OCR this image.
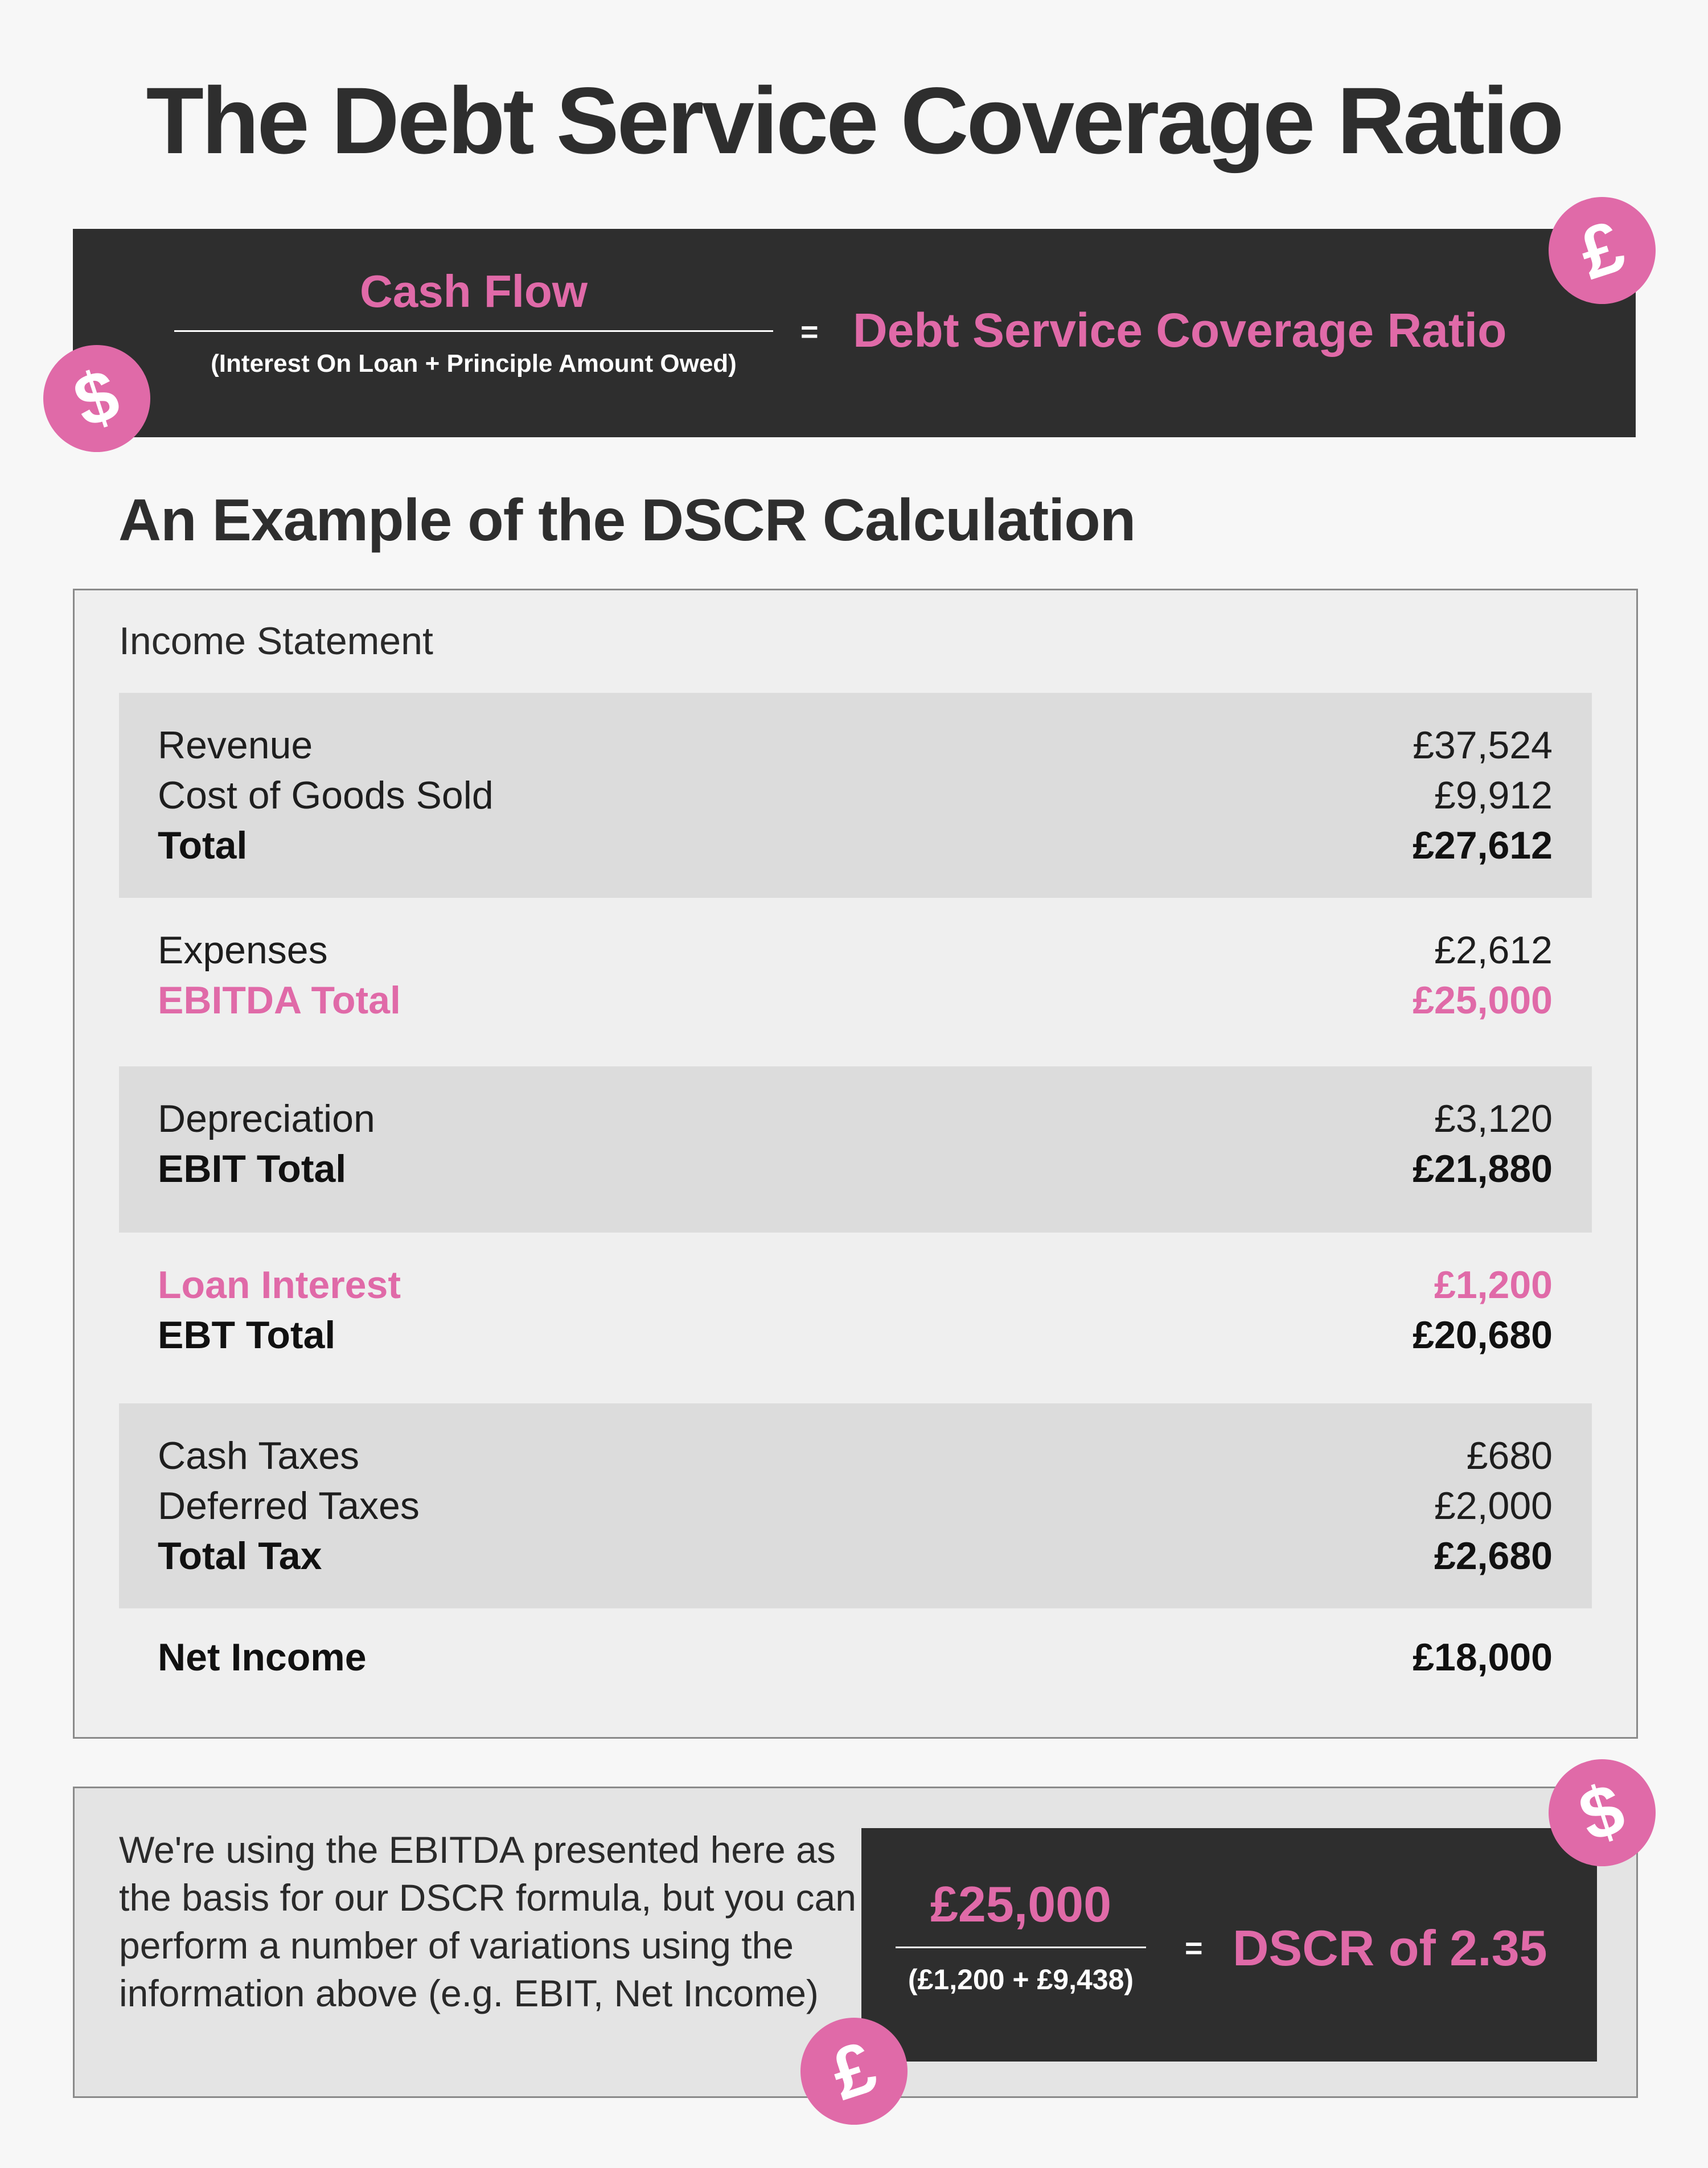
The Debt Service Coverage Ratio
Cash Flow
(Interest On Loan + Principle Amount Owed)
= Debt Service Coverage Ratio
£
$
An Example of the DSCR Calculation
Income Statement
Revenue	£37,524
Cost of Goods Sold	£9,912
Total	£27,612
Expenses	£2,612
EBITDA Total	£25,000
Depreciation	£3,120
EBIT Total	£21,880
Loan Interest	£1,200
EBT Total	£20,680
Cash Taxes	£680
Deferred Taxes	£2,000
Total Tax	£2,680
Net Income	£18,000
We're using the EBITDA presented here as the basis for our DSCR formula, but you can perform a number of variations using the information above (e.g. EBIT, Net Income)
£25,000
(£1,200 + £9,438)
= DSCR of 2.35
$
£
